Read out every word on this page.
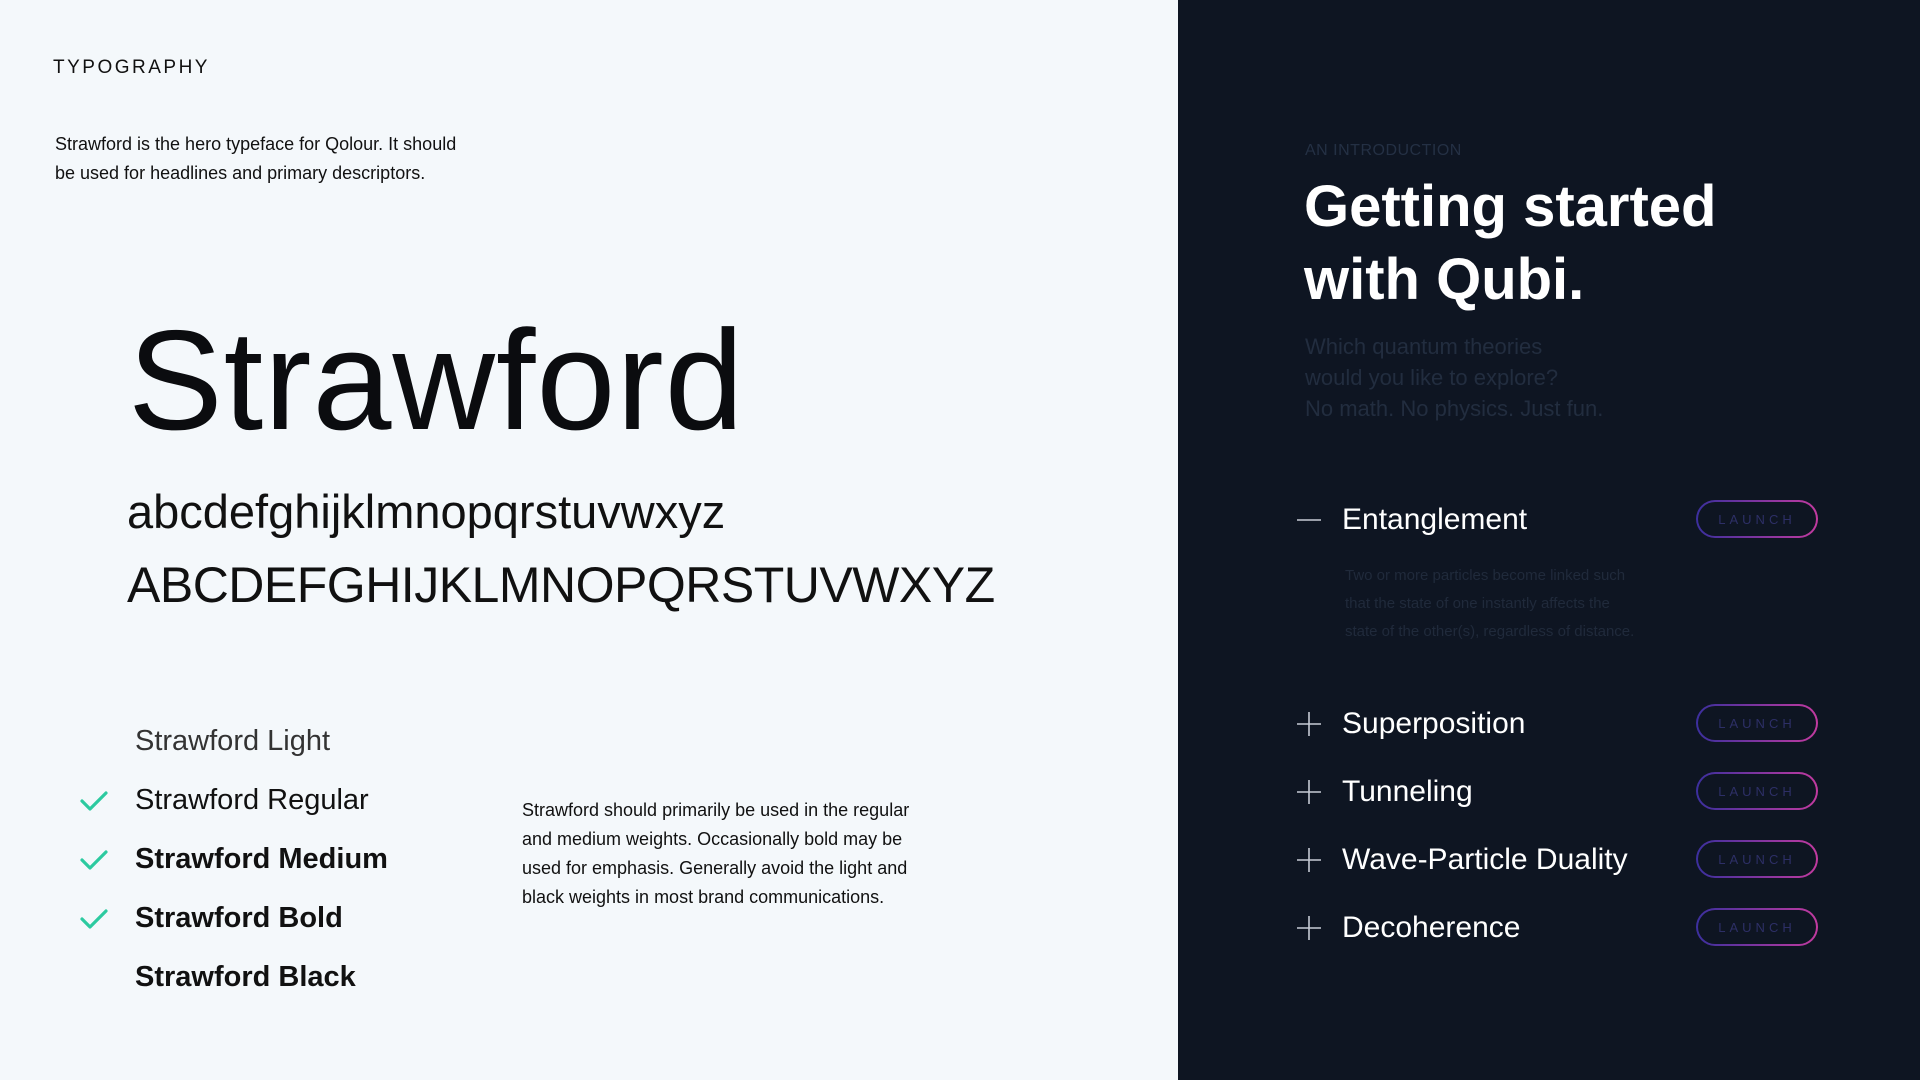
TYPOGRAPHY
Strawford is the hero typeface for Qolour. It should
be used for headlines and primary descriptors.
Strawford
abcdefghijklmnopqrstuvwxyz
ABCDEFGHIJKLMNOPQRSTUVWXYZ
Strawford Light
Strawford Regular
Strawford Medium
Strawford Bold
Strawford Black
Strawford should primarily be used in the regular
and medium weights. Occasionally bold may be
used for emphasis. Generally avoid the light and
black weights in most brand communications.
AN INTRODUCTION
Getting started
with Qubi.
Which quantum theories
would you like to explore?
No math. No physics. Just fun.
Entanglement	LAUNCH
Two or more particles become linked such
that the state of one instantly affects the
state of the other(s), regardless of distance.
Superposition	LAUNCH
Tunneling	LAUNCH
Wave-Particle Duality	LAUNCH
Decoherence	LAUNCH
